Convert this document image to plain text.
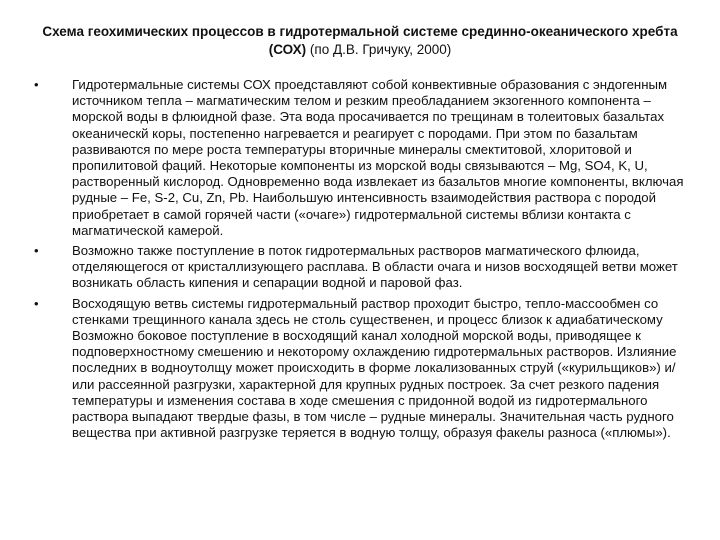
Схема геохимических процессов в гидротермальной системе срединно-океанического хребта (СОХ) (по Д.В. Гричуку, 2000)
•	Гидротермальные системы СОХ проедставляют собой конвективные образования с эндогенным источником тепла – магматическим телом и резким преобладанием экзогенного компонента – морской воды в флюидной фазе. Эта вода просачивается по трещинам в толеитовых базальтах океаническй коры, постепенно нагревается и реагирует с породами. При этом по базальтам развиваются по мере роста температуры вторичные минералы смектитовой, хлоритовой и пропилитовой фаций. Некоторые компоненты из морской воды связываются – Mg, SO4, K, U, растворенный кислород. Одновременно вода извлекает из базальтов многие компоненты, включая рудные – Fe, S-2, Cu, Zn, Pb. Наибольшую интенсивность взаимодействия раствора с породой приобретает в самой горячей части («очаге») гидротермальной системы вблизи контакта с магматической камерой.
•	Возможно также поступление в поток гидротермальных растворов магматического флюида, отделяющегося от кристаллизующего расплава. В области очага и низов восходящей ветви может возникать область кипения и сепарации водной и паровой фаз.
•	Восходящую ветвь системы гидротермальный раствор проходит быстро, тепло-массообмен со стенками трещинного канала здесь не столь существенен, и процесс близок к адиабатическому Возможно боковое поступление в восходящий канал холодной морской воды, приводящее к подповерхностному смешению и некоторому охлаждению гидротермальных растворов. Излияние последних в водноутолщу может происходить в форме локализованных струй («курильщиков») и/или рассеянной разгрузки, характерной для крупных рудных построек. За счет резкого падения температуры и изменения состава в ходе смешения с придонной водой из гидротермального раствора выпадают твердые фазы, в том числе – рудные минералы. Значительная часть рудного вещества при активной разгрузке теряется в водную толщу, образуя факелы разноса («плюмы»).
